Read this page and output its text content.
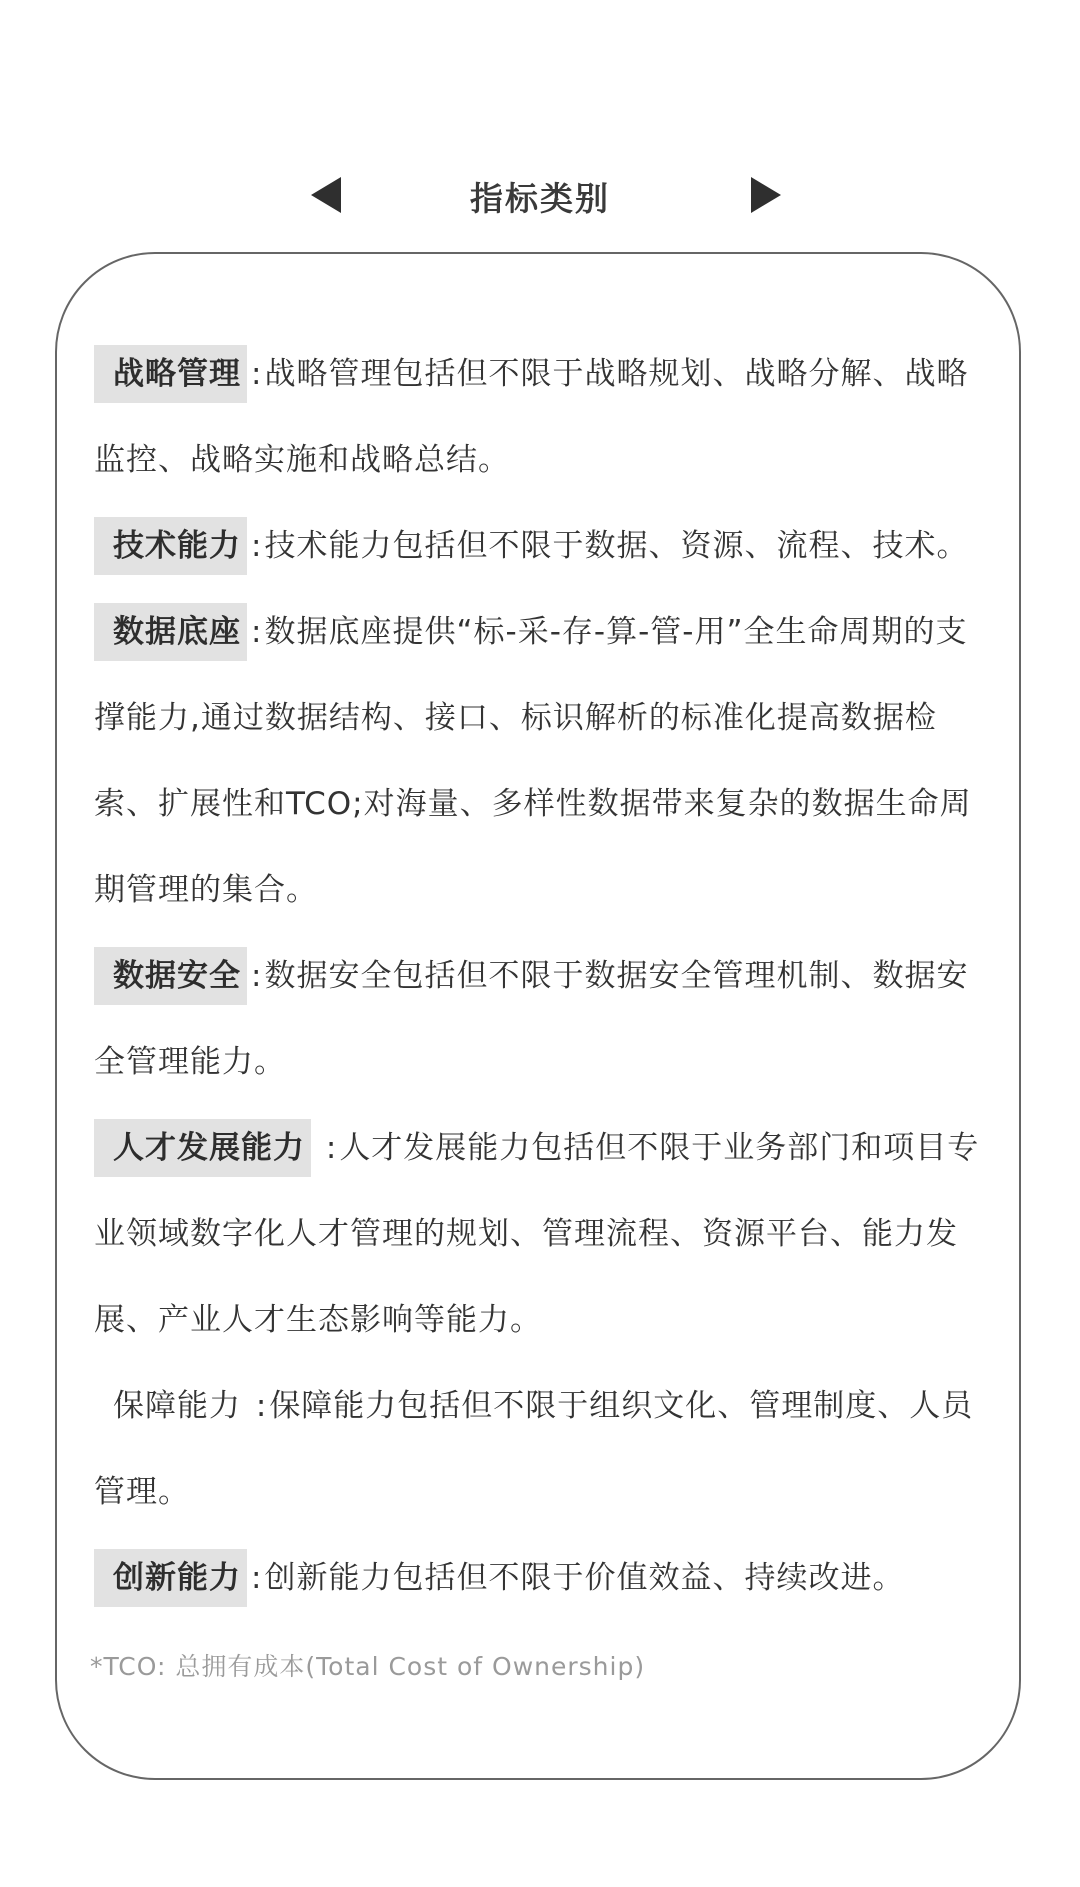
指标类别

战略管理 :战略管理包括但不限于战略规划、战略分解、战略监控、战略实施和战略总结。

技术能力 :技术能力包括但不限于数据、资源、流程、技术。

数据底座 :数据底座提供“标-采-存-算-管-用”全生命周期的支撑能力,通过数据结构、接口、标识解析的标准化提高数据检索、扩展性和TCO;对海量、多样性数据带来复杂的数据生命周期管理的集合。

数据安全 :数据安全包括但不限于数据安全管理机制、数据安全管理能力。

人才发展能力 :人才发展能力包括但不限于业务部门和项目专业领域数字化人才管理的规划、管理流程、资源平台、能力发展、产业人才生态影响等能力。

保障能力 :保障能力包括但不限于组织文化、管理制度、人员管理。

创新能力 :创新能力包括但不限于价值效益、持续改进。

*TCO: 总拥有成本(Total Cost of Ownership)
